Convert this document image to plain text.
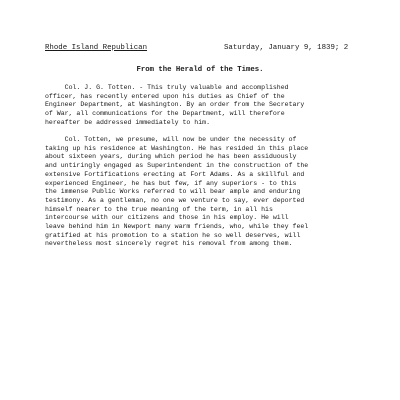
Rhode Island Republican	Saturday, January 9, 1839; 2
From the Herald of the Times.
Col. J. G. Totten. - This truly valuable and accomplished
officer, has recently entered upon his duties as Chief of the
Engineer Department, at Washington. By an order from the Secretary
of War, all communications for the Department, will therefore
hereafter be addressed immediately to him.
Col. Totten, we presume, will now be under the necessity of
taking up his residence at Washington. He has resided in this place
about sixteen years, during which period he has been assiduously
and untiringly engaged as Superintendent in the construction of the
extensive Fortifications erecting at Fort Adams. As a skillful and
experienced Engineer, he has but few, if any superiors - to this
the immense Public Works referred to will bear ample and enduring
testimony. As a gentleman, no one we venture to say, ever deported
himself nearer to the true meaning of the term, in all his
intercourse with our citizens and those in his employ. He will
leave behind him in Newport many warm friends, who, while they feel
gratified at his promotion to a station he so well deserves, will
nevertheless most sincerely regret his removal from among them.
